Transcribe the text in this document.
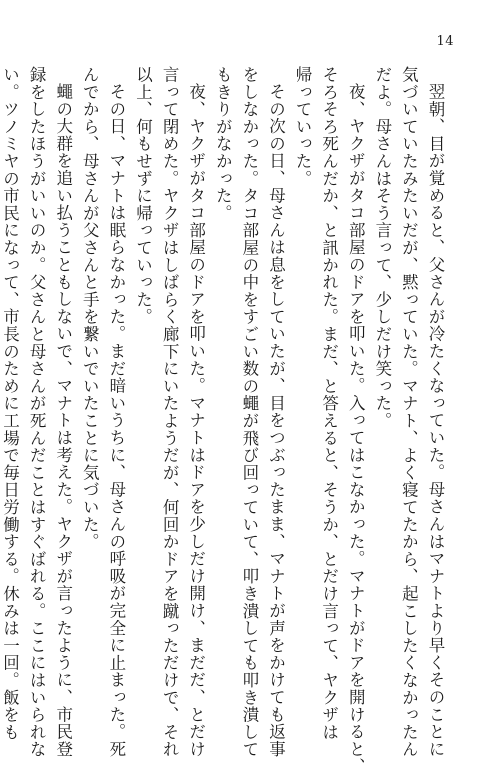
14
翌朝、目が覚めると、父さんが冷たくなっていた。母さんはマナトより早くそのことに
気づいていたみたいだが、黙っていた。マナト、よく寝てたから、起こしたくなかったん
だよ。母さんはそう言って、少しだけ笑った。
夜、ヤクザがタコ部屋のドアを叩いた。入ってはこなかった。マナトがドアを開けると、
そろそろ死んだか、と訊かれた。まだ、と答えると、そうか、とだけ言って、ヤクザは
帰っていった。
その次の日、母さんは息をしていたが、目をつぶったまま、マナトが声をかけても返事
をしなかった。タコ部屋の中をすごい数の蠅が飛び回っていて、叩き潰しても叩き潰して
もきりがなかった。
夜、ヤクザがタコ部屋のドアを叩いた。マナトはドアを少しだけ開け、まだだ、とだけ
言って閉めた。ヤクザはしばらく廊下にいたようだが、何回かドアを蹴っただけで、それ
以上、何もせずに帰っていった。
その日、マナトは眠らなかった。まだ暗いうちに、母さんの呼吸が完全に止まった。死
んでから、母さんが父さんと手を繋いでいたことに気づいた。
蠅の大群を追い払うこともしないで、マナトは考えた。ヤクザが言ったように、市民登
録をしたほうがいいのか。父さんと母さんが死んだことはすぐばれる。ここにはいられな
い。ツノミヤの市民になって、市長のために工場で毎日労働する。休みは一回。飯をも
